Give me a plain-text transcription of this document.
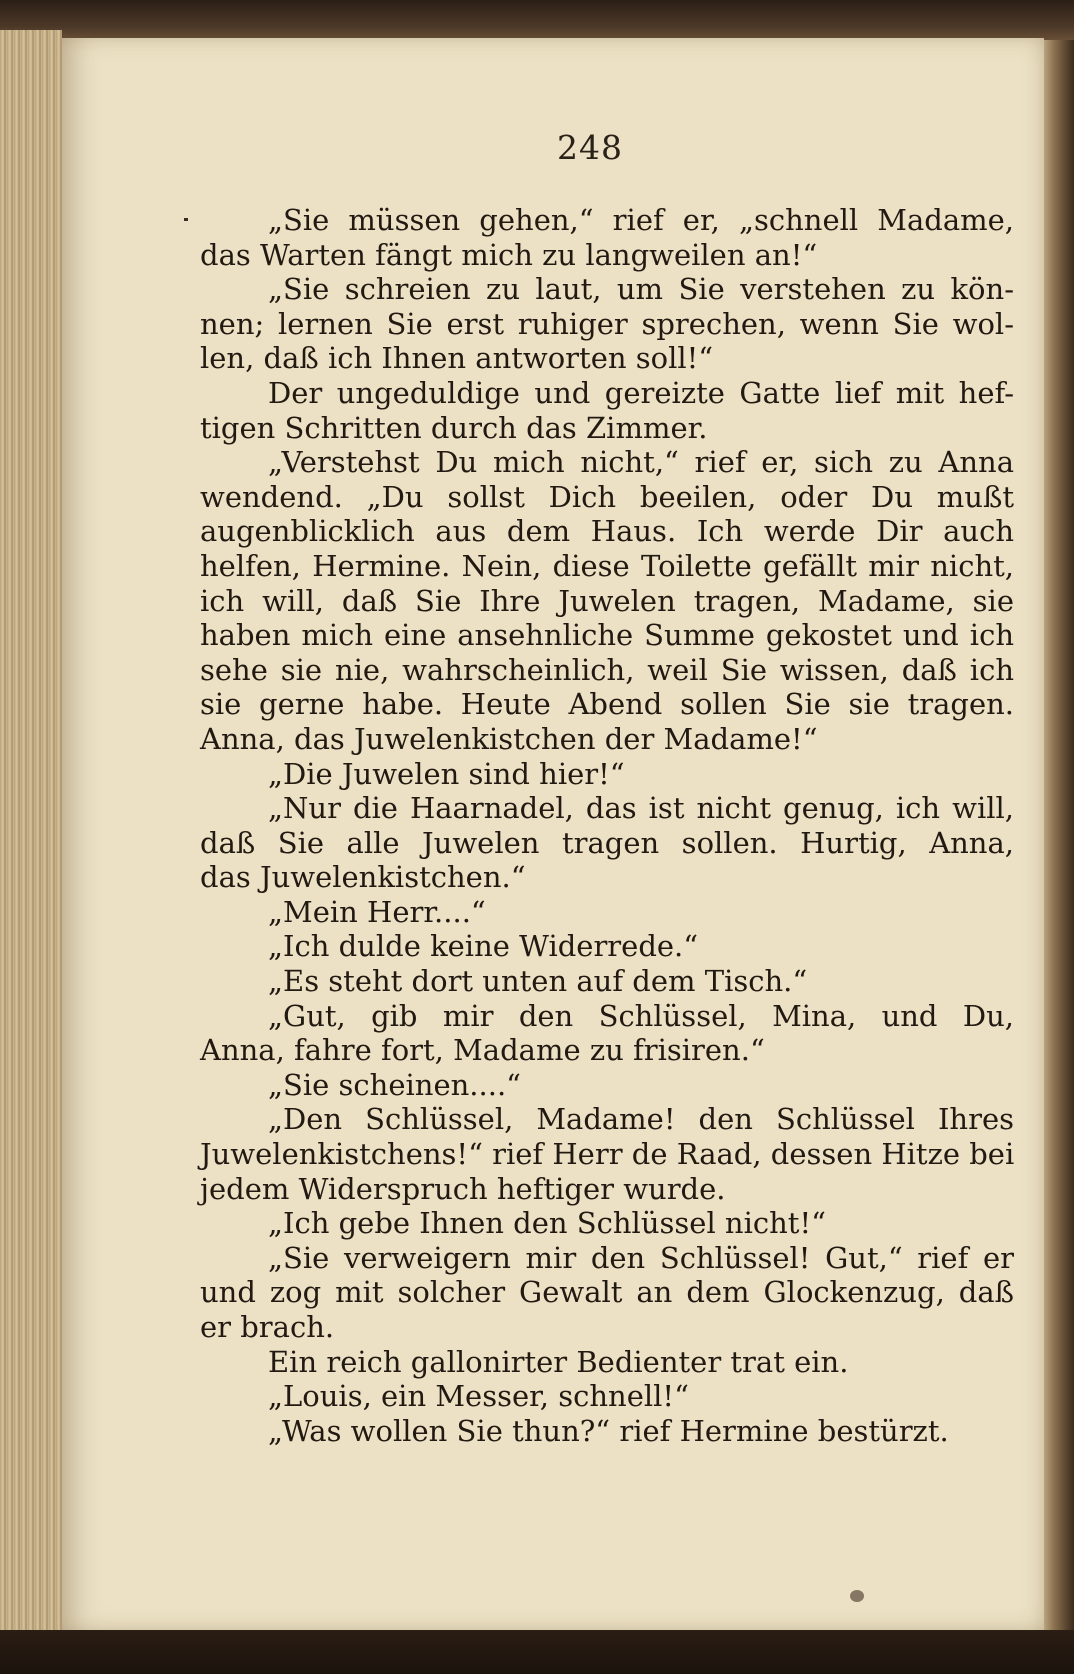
248
„Sie müssen gehen,“ rief er, „schnell Madame,
das Warten fängt mich zu langweilen an!“
„Sie schreien zu laut, um Sie verstehen zu kön-
nen; lernen Sie erst ruhiger sprechen, wenn Sie wol-
len, daß ich Ihnen antworten soll!“
Der ungeduldige und gereizte Gatte lief mit hef-
tigen Schritten durch das Zimmer.
„Verstehst Du mich nicht,“ rief er, sich zu Anna
wendend. „Du sollst Dich beeilen, oder Du mußt
augenblicklich aus dem Haus. Ich werde Dir auch
helfen, Hermine. Nein, diese Toilette gefällt mir nicht,
ich will, daß Sie Ihre Juwelen tragen, Madame, sie
haben mich eine ansehnliche Summe gekostet und ich
sehe sie nie, wahrscheinlich, weil Sie wissen, daß ich
sie gerne habe. Heute Abend sollen Sie sie tragen.
Anna, das Juwelenkistchen der Madame!“
„Die Juwelen sind hier!“
„Nur die Haarnadel, das ist nicht genug, ich will,
daß Sie alle Juwelen tragen sollen. Hurtig, Anna,
das Juwelenkistchen.“
„Mein Herr....“
„Ich dulde keine Widerrede.“
„Es steht dort unten auf dem Tisch.“
„Gut, gib mir den Schlüssel, Mina, und Du,
Anna, fahre fort, Madame zu frisiren.“
„Sie scheinen....“
„Den Schlüssel, Madame! den Schlüssel Ihres
Juwelenkistchens!“ rief Herr de Raad, dessen Hitze bei
jedem Widerspruch heftiger wurde.
„Ich gebe Ihnen den Schlüssel nicht!“
„Sie verweigern mir den Schlüssel! Gut,“ rief er
und zog mit solcher Gewalt an dem Glockenzug, daß
er brach.
Ein reich gallonirter Bedienter trat ein.
„Louis, ein Messer, schnell!“
„Was wollen Sie thun?“ rief Hermine bestürzt.
